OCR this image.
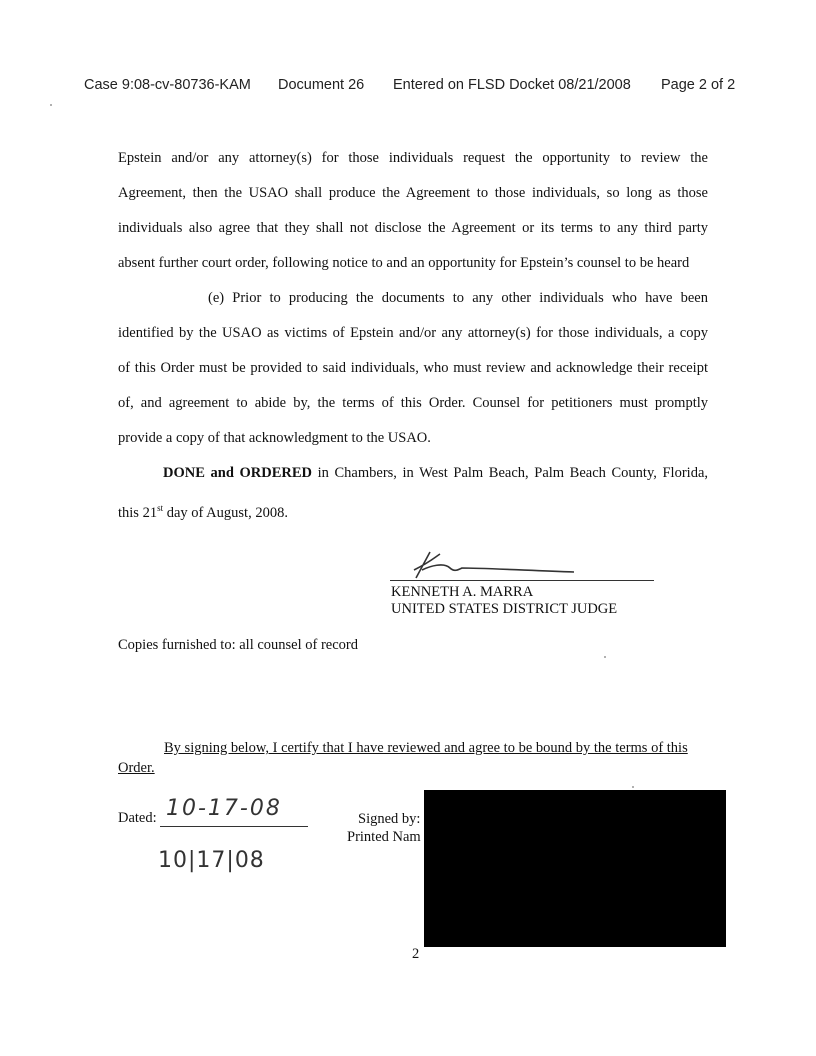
Case 9:08-cv-80736-KAM Document 26 Entered on FLSD Docket 08/21/2008 Page 2 of 2
Epstein and/or any attorney(s) for those individuals request the opportunity to review the
Agreement, then the USAO shall produce the Agreement to those individuals, so long as those
individuals also agree that they shall not disclose the Agreement or its terms to any third party
absent further court order, following notice to and an opportunity for Epstein’s counsel to be heard
(e) Prior to producing the documents to any other individuals who have been
identified by the USAO as victims of Epstein and/or any attorney(s) for those individuals, a copy
of this Order must be provided to said individuals, who must review and acknowledge their receipt
of, and agreement to abide by, the terms of this Order. Counsel for petitioners must promptly
provide a copy of that acknowledgment to the USAO.
DONE and ORDERED in Chambers, in West Palm Beach, Palm Beach County, Florida,
this 21st day of August, 2008.
KENNETH A. MARRA
UNITED STATES DISTRICT JUDGE
Copies furnished to: all counsel of record
By signing below, I certify that I have reviewed and agree to be bound by the terms of this
Order.
Dated: 10-17-08
10|17|08
Signed by:
Printed Nam
2
